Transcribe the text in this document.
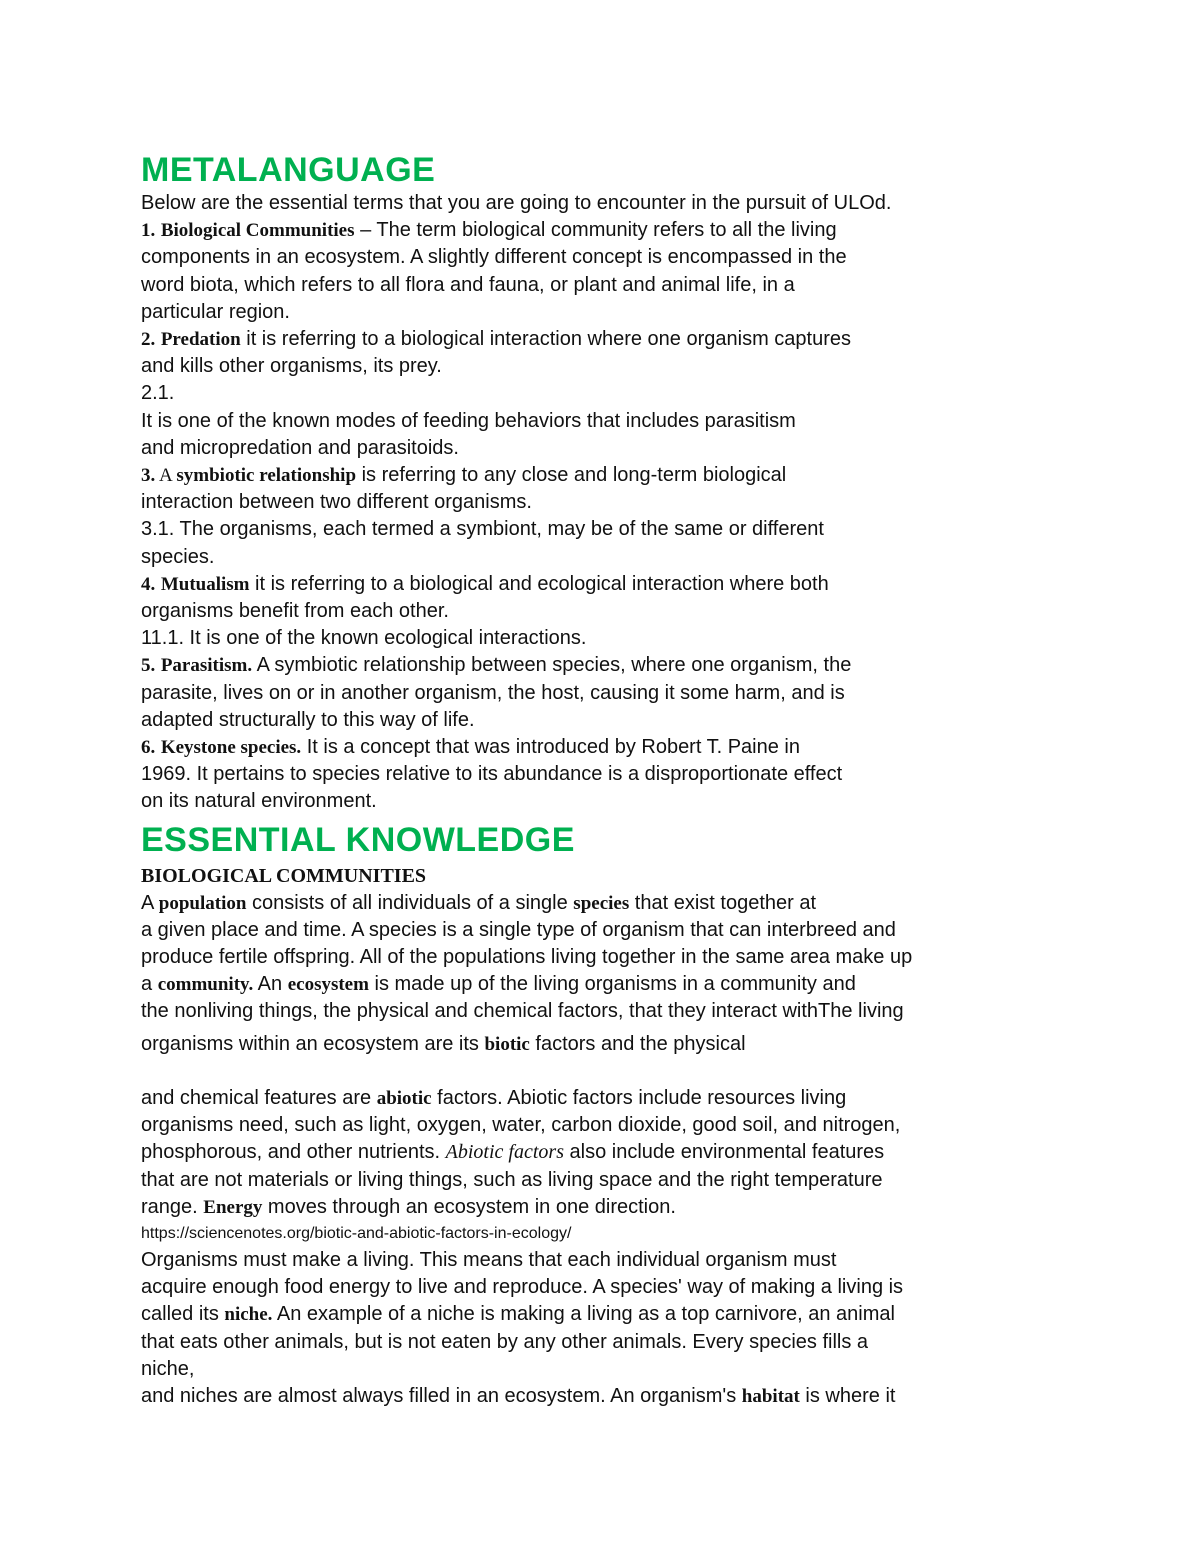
METALANGUAGE

Below are the essential terms that you are going to encounter in the pursuit of ULOd.

1. Biological Communities – The term biological community refers to all the living

components in an ecosystem. A slightly different concept is encompassed in the

word biota, which refers to all flora and fauna, or plant and animal life, in a

particular region.

2. Predation it is referring to a biological interaction where one organism captures

and kills other organisms, its prey.

2.1.

It is one of the known modes of feeding behaviors that includes parasitism

and micropredation and parasitoids.

3. A symbiotic relationship is referring to any close and long-term biological

interaction between two different organisms.

3.1. The organisms, each termed a symbiont, may be of the same or different

species.

4. Mutualism it is referring to a biological and ecological interaction where both

organisms benefit from each other.

11.1. It is one of the known ecological interactions.

5. Parasitism. A symbiotic relationship between species, where one organism, the

parasite, lives on or in another organism, the host, causing it some harm, and is

adapted structurally to this way of life.

6. Keystone species. It is a concept that was introduced by Robert T. Paine in

1969. It pertains to species relative to its abundance is a disproportionate effect

on its natural environment.

ESSENTIAL KNOWLEDGE

BIOLOGICAL COMMUNITIES

A population consists of all individuals of a single species that exist together at

a given place and time. A species is a single type of organism that can interbreed and

produce fertile offspring. All of the populations living together in the same area make up

a community. An ecosystem is made up of the living organisms in a community and

the nonliving things, the physical and chemical factors, that they interact withThe living

organisms within an ecosystem are its biotic factors and the physical

and chemical features are abiotic factors. Abiotic factors include resources living

organisms need, such as light, oxygen, water, carbon dioxide, good soil, and nitrogen,

phosphorous, and other nutrients. Abiotic factors also include environmental features

that are not materials or living things, such as living space and the right temperature

range. Energy moves through an ecosystem in one direction.

https://sciencenotes.org/biotic-and-abiotic-factors-in-ecology/

Organisms must make a living. This means that each individual organism must

acquire enough food energy to live and reproduce. A species' way of making a living is

called its niche. An example of a niche is making a living as a top carnivore, an animal

that eats other animals, but is not eaten by any other animals. Every species fills a

niche,

and niches are almost always filled in an ecosystem. An organism's habitat is where it
